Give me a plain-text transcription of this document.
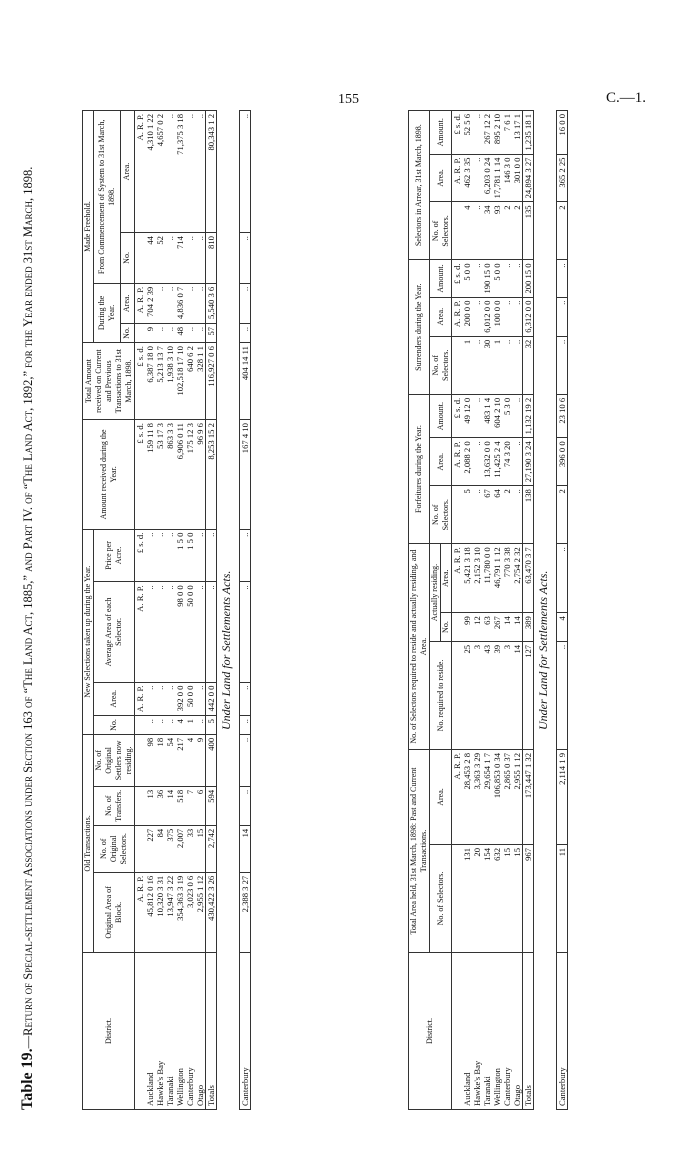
155	C.—1.
Table 19.—Return of Special-settlement Associations under Section 163 of “The Land Act, 1885,” and Part IV. of “The Land Act, 1892,” for the Year ended 31st March, 1898.	District.	Old Transactions.				New Selections taken up during the Year.				Amount received during the Year.	Total Amount received on Current and Previous Transactions to 31st March, 1898.	Made Freehold.			
	Original Area of Block.	No. of Original Selectors.	No. of Transfers.	No. of Original Settlers now residing.	No.	Area.	Average Area of each Selector.	Price per Acre.			During the Year.		From Commencement of System to 31st March, 1898.	
											No.	Area.	No.	Area.
	A. R. P.					A. R. P.	A. R. P.	£ s. d.	£ s. d.	£ s. d.		A. R. P.		A. R. P.
Auckland	45,812 0 16	227	13	98	..	..	..	..	159 11 8	6,387 18 0	9	704 2 39	44	4,310 1 22
Hawke's Bay	10,320 3 31	84	36	18	..	..	..	..	53 17 3	5,213 13 7	..	..	52	4,657 0 2
Taranaki	13,947 3 22	375	14	54	..	..	..	..	863 3 3	1,938 3 10	..	..	..	..
Wellington	354,363 3 19	2,007	518	217	4	392 0 0	98 0 0	1 5 0	6,906 0 11	102,518 17 10	48	4,836 0 7	714	71,375 3 18
Canterbury	3,023 0 6	33	7	4	1	50 0 0	50 0 0	1 5 0	175 12 3	640 6 2	..	..	..	..
Otago	2,955 1 12	15	6	9	..	..	..	..	96 9 6	328 1 1	..	..	..	..
Totals	430,422 3 26	2,742	594	400	5	442 0 0	..	..	8,253 15 2	116,927 0 6	57	5,540 3 6	810	80,343 1 2

Canterbury	2,388 3 27	14	..	..	..	..	..	..	167 4 10	404 14 11	..	..	..	..
Under Land for Settlements Acts.
District.	Total Area held, 31st March, 1898: Past and Current Transactions.		No. of Selectors required to reside and actually residing, and Area.			Forfeitures during the Year.			Surrenders during the Year.			Selectors in Arrear, 31st March, 1898.		
	No. of Selectors.	Area.	No. required to reside.	Actually residing.		No. of Selectors.	Area.	Amount.	No. of Selectors.	Area.	Amount.	No. of Selectors.	Area.	Amount.
				No.	Area.									
		A. R. P.			A. R. P.		A. R. P.	£ s. d.		A. R. P.	£ s. d.		A. R. P.	£ s. d.
Auckland	131	28,453 2 8	25	99	5,421 3 18	5	2,088 2 0	49 12 0	1	200 0 0	5 0 0	4	462 3 35	52 5 6
Hawke's Bay	20	3,363 3 29	3	12	2,152 3 10	..	..	..	..	..	..	..	..	..
Taranaki	154	29,654 1 7	43	63	11,780 0 0	67	13,632 0 0	483 1 4	30	6,012 0 0	190 15 0	34	6,203 0 24	267 12 2
Wellington	632	106,853 0 34	39	267	46,791 1 12	64	11,425 2 4	604 2 10	1	100 0 0	5 0 0	93	17,781 1 14	895 2 10
Canterbury	15	2,865 0 37	3	14	770 3 38	2	74 3 20	5 3 0	..	..	..	2	146 3 0	7 6 1
Otago	15	2,955 1 12	14	14	2,754 2 32	..	..	..	..	..	..	2	301 0 0	13 17 1
Totals	967	173,447 1 32	127	389	63,470 3 7	138	27,190 3 24	1,132 19 2	32	6,312 0 0	200 15 0	135	24,894 3 27	1,235 18 1

Canterbury	11	2,114 1 9	..	4	..	2	396 0 0	23 10 6	..	..	..	2	365 2 25	16 0 0
Under Land for Settlements Acts.
